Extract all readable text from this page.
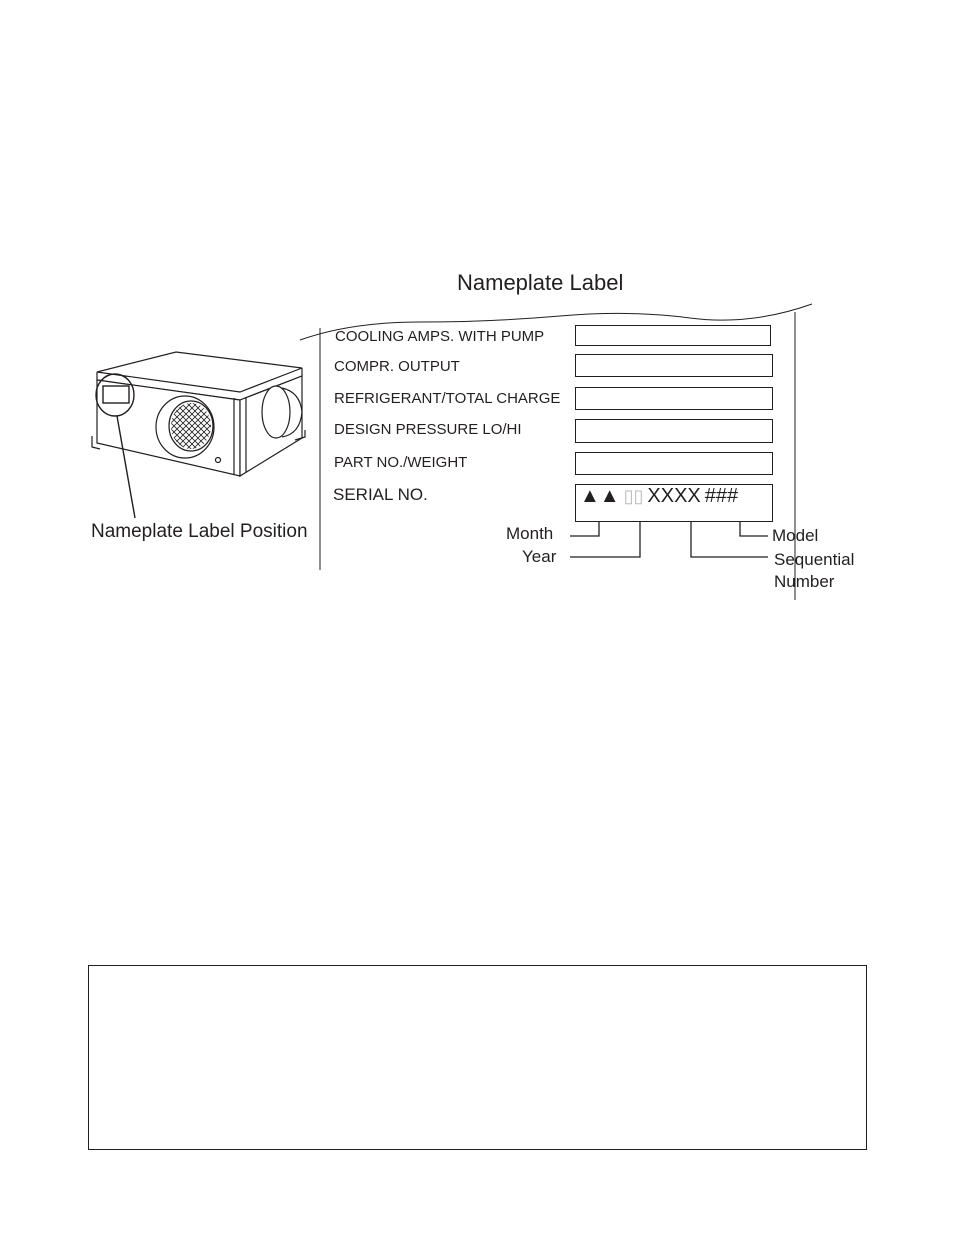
Nameplate Label
COOLING AMPS. WITH PUMP
COMPR. OUTPUT
REFRIGERANT/TOTAL CHARGE
DESIGN PRESSURE LO/HI
PART NO./WEIGHT
SERIAL NO.	▲▲ ▯▯ XXXX ###
Month
Year
Model
Sequential
Number
Nameplate Label Position
